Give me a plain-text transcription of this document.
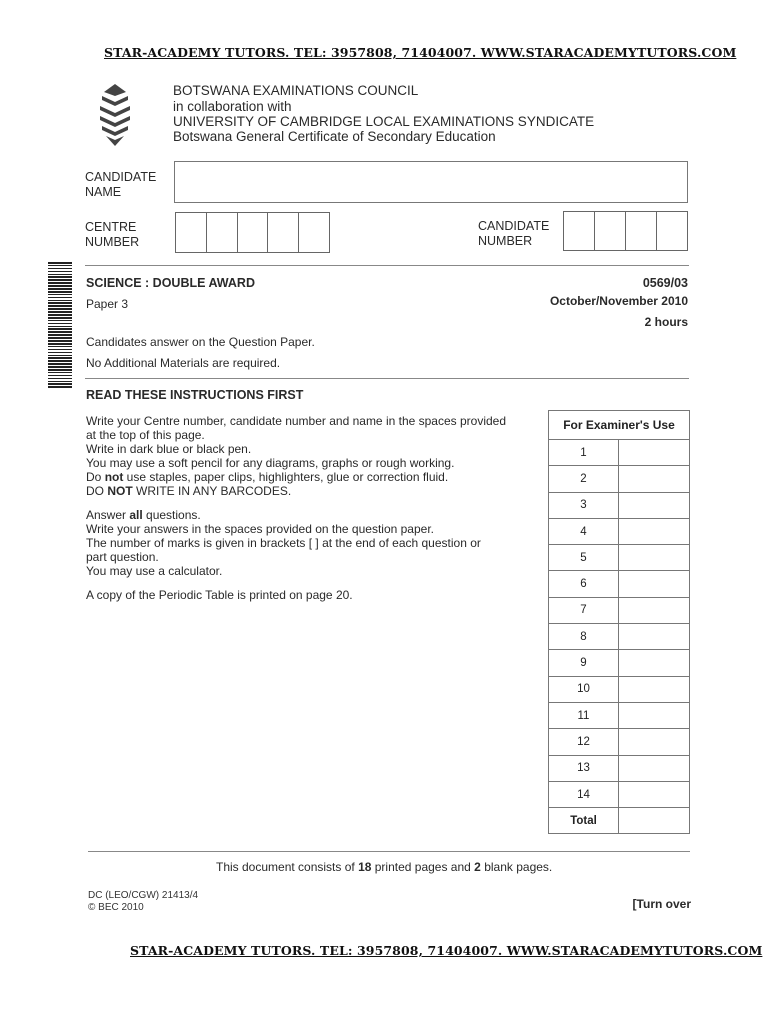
STAR-ACADEMY TUTORS. TEL: 3957808, 71404007. WWW.STARACADEMYTUTORS.COM
BOTSWANA EXAMINATIONS COUNCIL
in collaboration with
UNIVERSITY OF CAMBRIDGE LOCAL EXAMINATIONS SYNDICATE
Botswana General Certificate of Secondary Education
CANDIDATE
NAME
CENTRE
NUMBER
CANDIDATE
NUMBER
SCIENCE : DOUBLE AWARD	0569/03
Paper 3	October/November 2010
2 hours
Candidates answer on the Question Paper.
No Additional Materials are required.
READ THESE INSTRUCTIONS FIRST
Write your Centre number, candidate number and name in the spaces provided
at the top of this page.
Write in dark blue or black pen.
You may use a soft pencil for any diagrams, graphs or rough working.
Do not use staples, paper clips, highlighters, glue or correction fluid.
DO NOT WRITE IN ANY BARCODES.
Answer all questions.
Write your answers in the spaces provided on the question paper.
The number of marks is given in brackets [ ] at the end of each question or
part question.
You may use a calculator.
A copy of the Periodic Table is printed on page 20.
For Examiner's Use	
1	
2	
3	
4	
5	
6	
7	
8	
9	
10	
11	
12	
13	
14	
Total	
This document consists of 18 printed pages and 2 blank pages.
DC (LEO/CGW) 21413/4
© BEC 2010	[Turn over
STAR-ACADEMY TUTORS. TEL: 3957808, 71404007. WWW.STARACADEMYTUTORS.COM
